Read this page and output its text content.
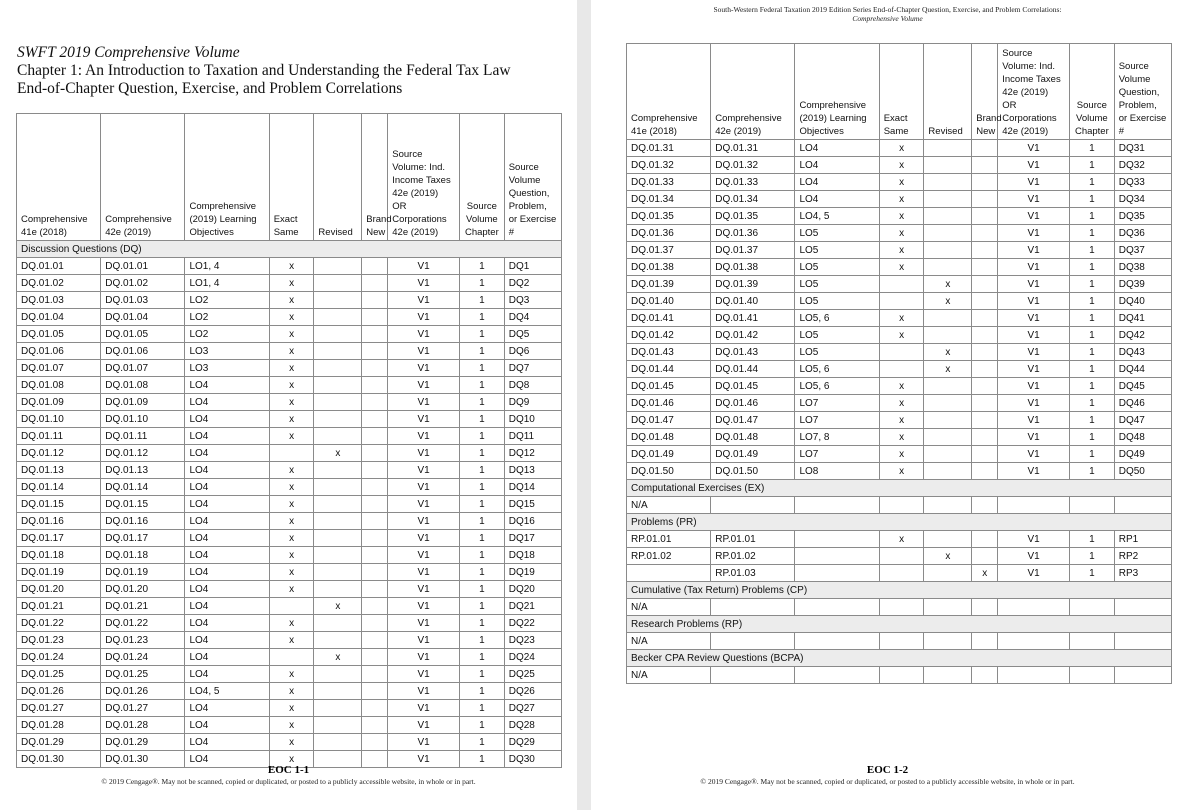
SWFT 2019 Comprehensive Volume
Chapter 1: An Introduction to Taxation and Understanding the Federal Tax Law
End-of-Chapter Question, Exercise, and Problem Correlations
Comprehensive 41e (2018)	Comprehensive 42e (2019)	Comprehensive (2019) Learning Objectives	Exact Same	Revised	Brand New	Source Volume: Ind. Income Taxes 42e (2019) OR Corporations 42e (2019)	Source Volume Chapter	Source Volume Question, Problem, or Exercise #
Discussion Questions (DQ)								
DQ.01.01	DQ.01.01	LO1, 4	x			V1	1	DQ1
DQ.01.02	DQ.01.02	LO1, 4	x			V1	1	DQ2
DQ.01.03	DQ.01.03	LO2	x			V1	1	DQ3
DQ.01.04	DQ.01.04	LO2	x			V1	1	DQ4
DQ.01.05	DQ.01.05	LO2	x			V1	1	DQ5
DQ.01.06	DQ.01.06	LO3	x			V1	1	DQ6
DQ.01.07	DQ.01.07	LO3	x			V1	1	DQ7
DQ.01.08	DQ.01.08	LO4	x			V1	1	DQ8
DQ.01.09	DQ.01.09	LO4	x			V1	1	DQ9
DQ.01.10	DQ.01.10	LO4	x			V1	1	DQ10
DQ.01.11	DQ.01.11	LO4	x			V1	1	DQ11
DQ.01.12	DQ.01.12	LO4		x		V1	1	DQ12
DQ.01.13	DQ.01.13	LO4	x			V1	1	DQ13
DQ.01.14	DQ.01.14	LO4	x			V1	1	DQ14
DQ.01.15	DQ.01.15	LO4	x			V1	1	DQ15
DQ.01.16	DQ.01.16	LO4	x			V1	1	DQ16
DQ.01.17	DQ.01.17	LO4	x			V1	1	DQ17
DQ.01.18	DQ.01.18	LO4	x			V1	1	DQ18
DQ.01.19	DQ.01.19	LO4	x			V1	1	DQ19
DQ.01.20	DQ.01.20	LO4	x			V1	1	DQ20
DQ.01.21	DQ.01.21	LO4		x		V1	1	DQ21
DQ.01.22	DQ.01.22	LO4	x			V1	1	DQ22
DQ.01.23	DQ.01.23	LO4	x			V1	1	DQ23
DQ.01.24	DQ.01.24	LO4		x		V1	1	DQ24
DQ.01.25	DQ.01.25	LO4	x			V1	1	DQ25
DQ.01.26	DQ.01.26	LO4, 5	x			V1	1	DQ26
DQ.01.27	DQ.01.27	LO4	x			V1	1	DQ27
DQ.01.28	DQ.01.28	LO4	x			V1	1	DQ28
DQ.01.29	DQ.01.29	LO4	x			V1	1	DQ29
DQ.01.30	DQ.01.30	LO4	x			V1	1	DQ30
EOC 1-1
© 2019 Cengage®. May not be scanned, copied or duplicated, or posted to a publicly accessible website, in whole or in part.
South-Western Federal Taxation 2019 Edition Series End-of-Chapter Question, Exercise, and Problem Correlations:
Comprehensive Volume
Comprehensive 41e (2018)	Comprehensive 42e (2019)	Comprehensive (2019) Learning Objectives	Exact Same	Revised	Brand New	Source Volume: Ind. Income Taxes 42e (2019) OR Corporations 42e (2019)	Source Volume Chapter	Source Volume Question, Problem, or Exercise #
DQ.01.31	DQ.01.31	LO4	x			V1	1	DQ31
DQ.01.32	DQ.01.32	LO4	x			V1	1	DQ32
DQ.01.33	DQ.01.33	LO4	x			V1	1	DQ33
DQ.01.34	DQ.01.34	LO4	x			V1	1	DQ34
DQ.01.35	DQ.01.35	LO4, 5	x			V1	1	DQ35
DQ.01.36	DQ.01.36	LO5	x			V1	1	DQ36
DQ.01.37	DQ.01.37	LO5	x			V1	1	DQ37
DQ.01.38	DQ.01.38	LO5	x			V1	1	DQ38
DQ.01.39	DQ.01.39	LO5		x		V1	1	DQ39
DQ.01.40	DQ.01.40	LO5		x		V1	1	DQ40
DQ.01.41	DQ.01.41	LO5, 6	x			V1	1	DQ41
DQ.01.42	DQ.01.42	LO5	x			V1	1	DQ42
DQ.01.43	DQ.01.43	LO5		x		V1	1	DQ43
DQ.01.44	DQ.01.44	LO5, 6		x		V1	1	DQ44
DQ.01.45	DQ.01.45	LO5, 6	x			V1	1	DQ45
DQ.01.46	DQ.01.46	LO7	x			V1	1	DQ46
DQ.01.47	DQ.01.47	LO7	x			V1	1	DQ47
DQ.01.48	DQ.01.48	LO7, 8	x			V1	1	DQ48
DQ.01.49	DQ.01.49	LO7	x			V1	1	DQ49
DQ.01.50	DQ.01.50	LO8	x			V1	1	DQ50
Computational Exercises (EX)								
N/A								
Problems (PR)								
RP.01.01	RP.01.01		x			V1	1	RP1
RP.01.02	RP.01.02			x		V1	1	RP2
	RP.01.03				x	V1	1	RP3
Cumulative (Tax Return) Problems (CP)								
N/A								
Research Problems (RP)								
N/A								
Becker CPA Review Questions (BCPA)								
N/A								
EOC 1-2
© 2019 Cengage®. May not be scanned, copied or duplicated, or posted to a publicly accessible website, in whole or in part.
